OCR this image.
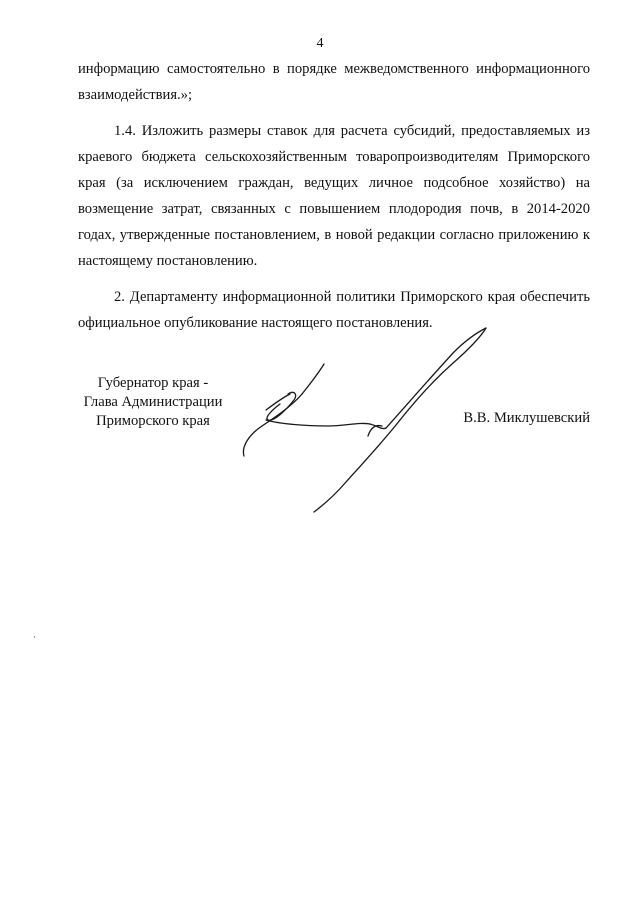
4

информацию самостоятельно в порядке межведомственного информационного взаимодействия.»;

1.4. Изложить размеры ставок для расчета субсидий, предоставляемых из краевого бюджета сельскохозяйственным товаропроизводителям Приморского края (за исключением граждан, ведущих личное подсобное хозяйство) на возмещение затрат, связанных с повышением плодородия почв, в 2014-2020 годах, утвержденные постановлением, в новой редакции согласно приложению к настоящему постановлению.

2. Департаменту информационной политики Приморского края обеспечить официальное опубликование настоящего постановления.

Губернатор края -
Глава Администрации
Приморского края	В.В. Миклушевский
